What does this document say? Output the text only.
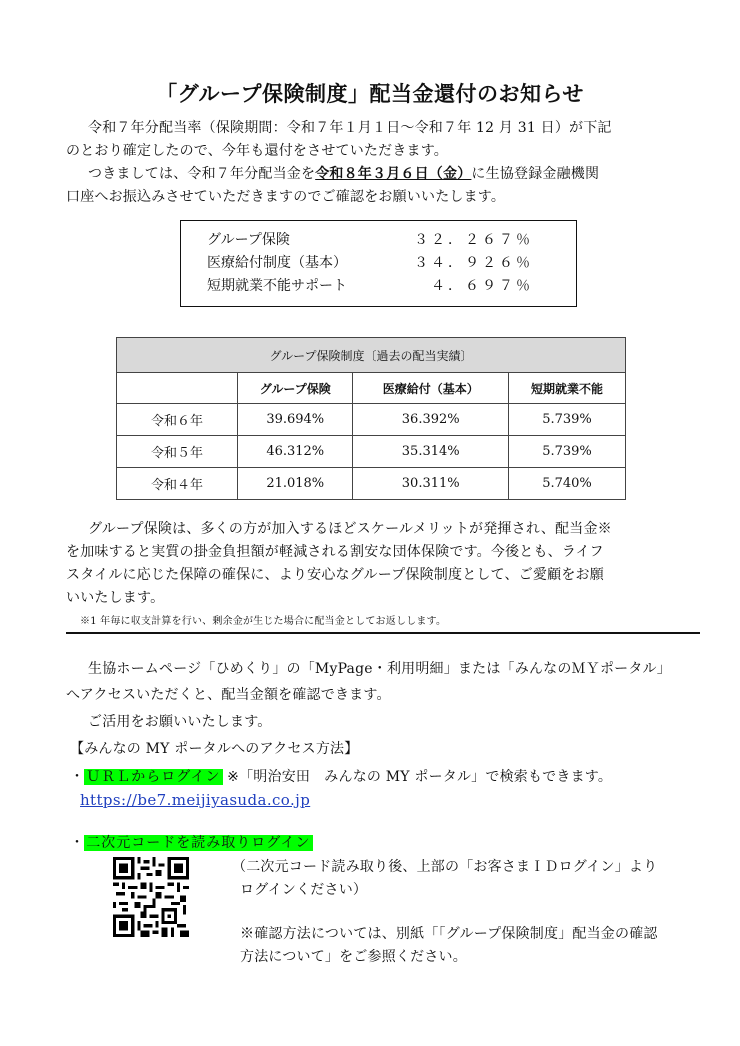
「グループ保険制度」配当金還付のお知らせ
令和７年分配当率（保険期間：令和７年１月１日～令和７年 12 月 31 日）が下記
のとおり確定したので、今年も還付をさせていただきます。
つきましては、令和７年分配当金を令和８年３月６日（金）に生協登録金融機関
口座へお振込みさせていただきますのでご確認をお願いいたします。
グループ保険	３２．２６７％
医療給付制度（基本）	３４．９２６％
短期就業不能サポート	４．６９７％
グループ保険制度〔過去の配当実績〕			
	グループ保険	医療給付（基本）	短期就業不能
令和６年	39.694%	36.392%	5.739%
令和５年	46.312%	35.314%	5.739%
令和４年	21.018%	30.311%	5.740%
グループ保険は、多くの方が加入するほどスケールメリットが発揮され、配当金※
を加味すると実質の掛金負担額が軽減される割安な団体保険です。今後とも、ライフ
スタイルに応じた保障の確保に、より安心なグループ保険制度として、ご愛顧をお願
いいたします。
※1 年毎に収支計算を行い、剰余金が生じた場合に配当金としてお返しします。
生協ホームページ「ひめくり」の「MyPage・利用明細」または「みんなのＭＹポータル」
へアクセスいただくと、配当金額を確認できます。
ご活用をお願いいたします。
【みんなの MY ポータルへのアクセス方法】
・ ＵＲＬからログイン ※「明治安田　みんなの MY ポータル」で検索もできます。
https://be7.meijiyasuda.co.jp
・ 二次元コードを読み取りログイン
（二次元コード読み取り後、上部の「お客さまＩＤログイン」より
ログインください）
※確認方法については、別紙「「グループ保険制度」配当金の確認
方法について」をご参照ください。
